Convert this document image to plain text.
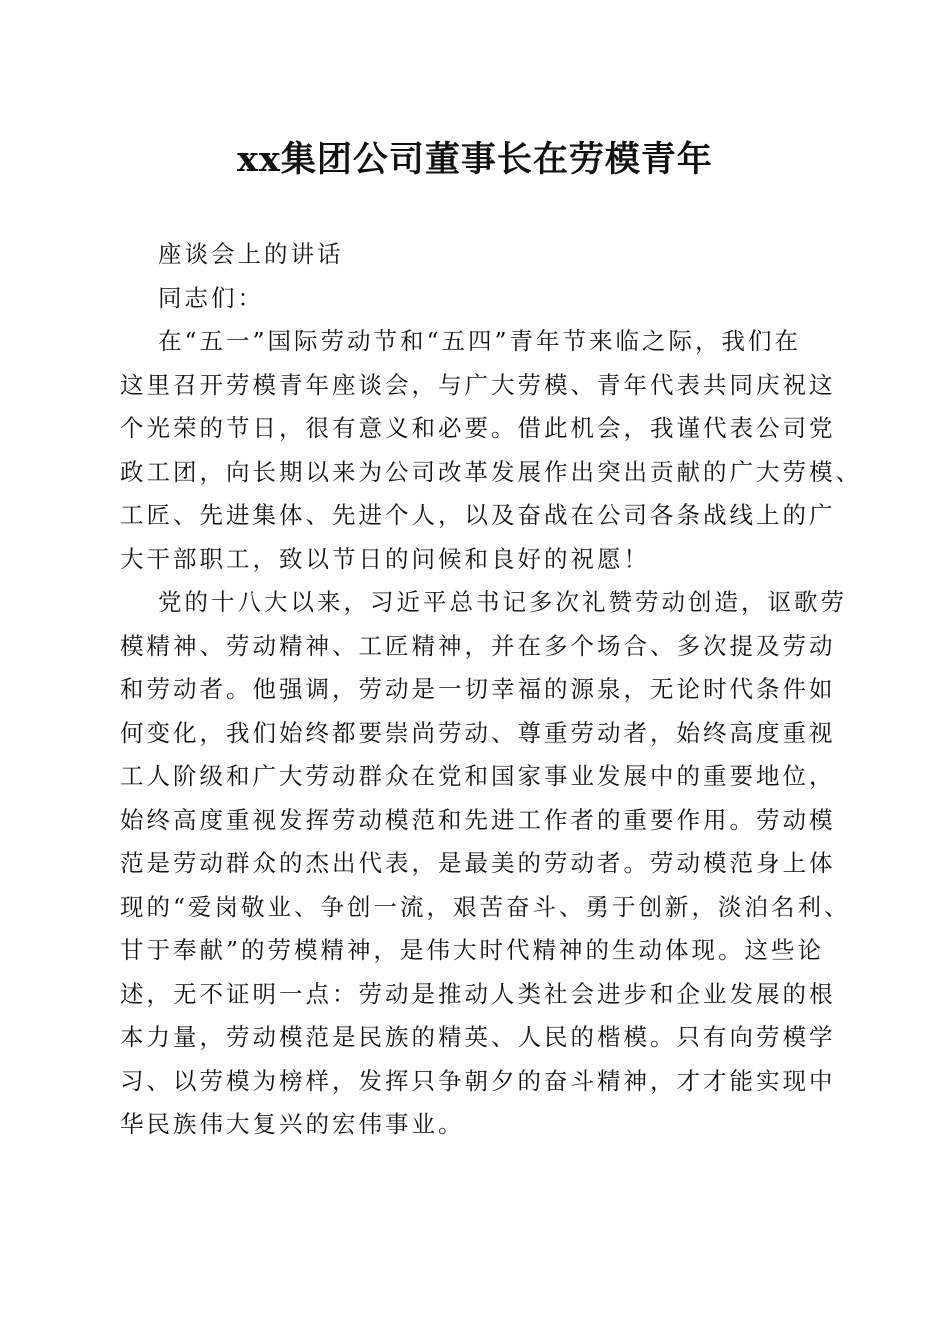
xx集团公司董事长在劳模青年

座谈会上的讲话

同志们：

在“五一”国际劳动节和“五四”青年节来临之际，我们在

这里召开劳模青年座谈会，与广大劳模、青年代表共同庆祝这

个光荣的节日，很有意义和必要。借此机会，我谨代表公司党

政工团，向长期以来为公司改革发展作出突出贡献的广大劳模、

工匠、先进集体、先进个人，以及奋战在公司各条战线上的广

大干部职工，致以节日的问候和良好的祝愿！

党的十八大以来，习近平总书记多次礼赞劳动创造，讴歌劳

模精神、劳动精神、工匠精神，并在多个场合、多次提及劳动

和劳动者。他强调，劳动是一切幸福的源泉，无论时代条件如

何变化，我们始终都要崇尚劳动、尊重劳动者，始终高度重视

工人阶级和广大劳动群众在党和国家事业发展中的重要地位，

始终高度重视发挥劳动模范和先进工作者的重要作用。劳动模

范是劳动群众的杰出代表，是最美的劳动者。劳动模范身上体

现的“爱岗敬业、争创一流，艰苦奋斗、勇于创新，淡泊名利、

甘于奉献”的劳模精神，是伟大时代精神的生动体现。这些论

述，无不证明一点：劳动是推动人类社会进步和企业发展的根

本力量，劳动模范是民族的精英、人民的楷模。只有向劳模学

习、以劳模为榜样，发挥只争朝夕的奋斗精神，才才能实现中

华民族伟大复兴的宏伟事业。
